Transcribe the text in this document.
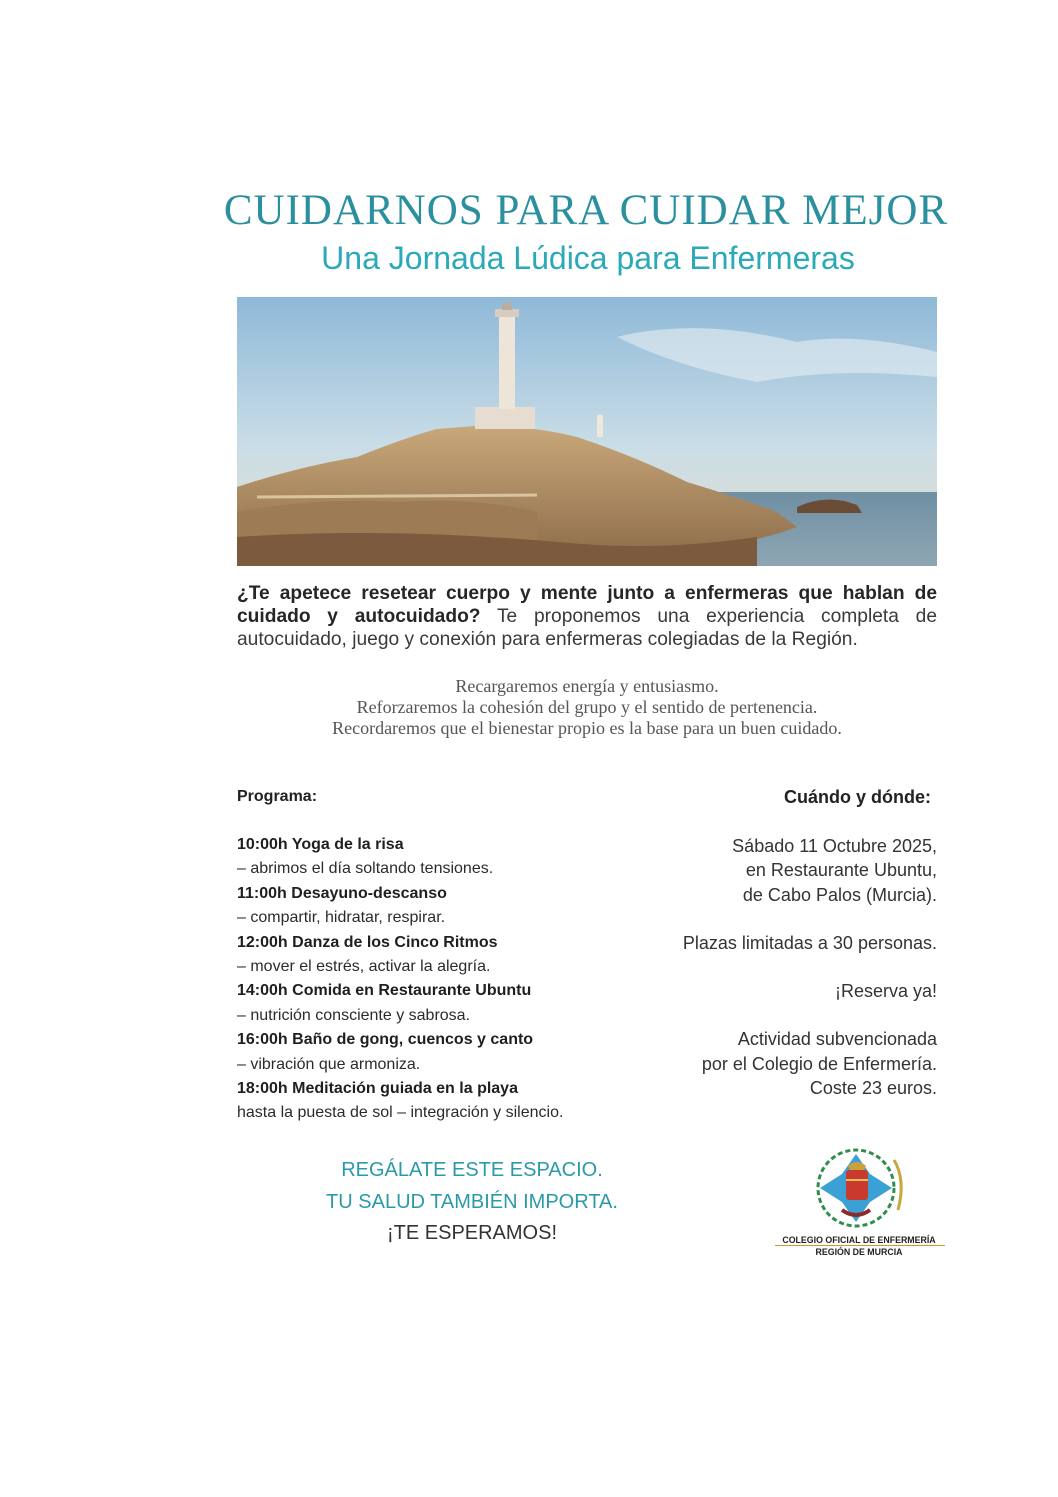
CUIDARNOS PARA CUIDAR MEJOR
Una Jornada Lúdica para Enfermeras
¿Te apetece resetear cuerpo y mente junto a enfermeras que hablan de cuidado y autocuidado? Te proponemos una experiencia completa de autocuidado, juego y conexión para enfermeras colegiadas de la Región.
Recargaremos energía y entusiasmo.
Reforzaremos la cohesión del grupo y el sentido de pertenencia.
Recordaremos que el bienestar propio es la base para un buen cuidado.
Programa:
10:00h Yoga de la risa
– abrimos el día soltando tensiones.
11:00h Desayuno-descanso
– compartir, hidratar, respirar.
12:00h Danza de los Cinco Ritmos
– mover el estrés, activar la alegría.
14:00h Comida en Restaurante Ubuntu
– nutrición consciente y sabrosa.
16:00h Baño de gong, cuencos y canto
– vibración que armoniza.
18:00h Meditación guiada en la playa
hasta la puesta de sol – integración y silencio.
Cuándo y dónde:
Sábado 11 Octubre 2025,
en Restaurante Ubuntu,
de Cabo Palos (Murcia).
Plazas limitadas a 30 personas.
¡Reserva ya!
Actividad subvencionada
por el Colegio de Enfermería.
Coste 23 euros.
REGÁLATE ESTE ESPACIO.
TU SALUD TAMBIÉN IMPORTA.
¡TE ESPERAMOS!	COLEGIO OFICIAL DE ENFERMERÍA
REGIÓN DE MURCIA
